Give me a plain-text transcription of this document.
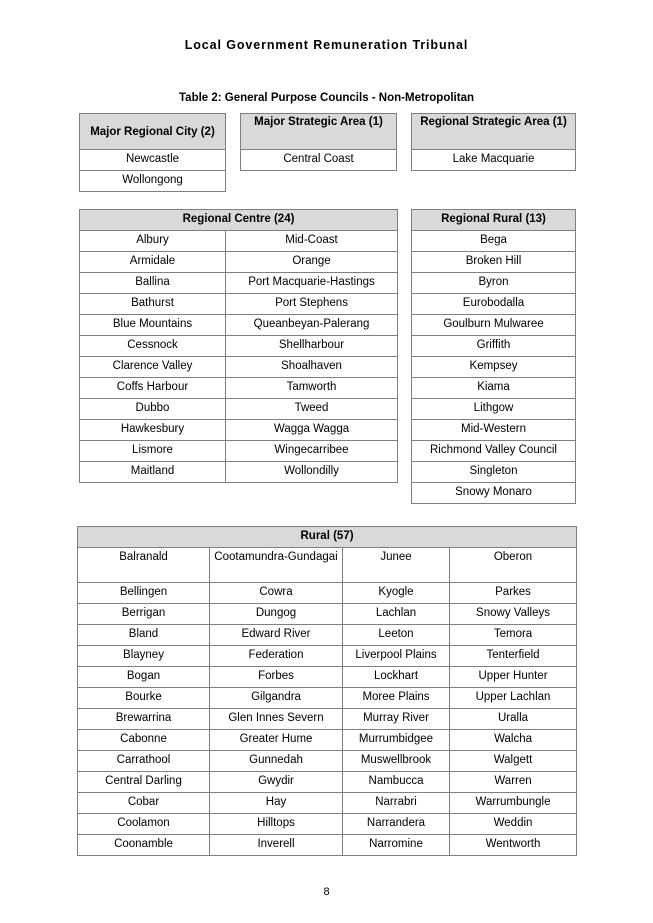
Local Government Remuneration Tribunal
Table 2: General Purpose Councils - Non-Metropolitan
Major Regional City (2)
Newcastle
Wollongong
Major Strategic Area (1)
Central Coast
Regional Strategic Area (1)
Lake Macquarie
Regional Centre (24)	
Albury	Mid-Coast
Armidale	Orange
Ballina	Port Macquarie-Hastings
Bathurst	Port Stephens
Blue Mountains	Queanbeyan-Palerang
Cessnock	Shellharbour
Clarence Valley	Shoalhaven
Coffs Harbour	Tamworth
Dubbo	Tweed
Hawkesbury	Wagga Wagga
Lismore	Wingecarribee
Maitland	Wollondilly
Regional Rural (13)
Bega
Broken Hill
Byron
Eurobodalla
Goulburn Mulwaree
Griffith
Kempsey
Kiama
Lithgow
Mid-Western
Richmond Valley Council
Singleton
Snowy Monaro
Rural (57)			
Balranald	Cootamundra-Gundagai	Junee	Oberon
Bellingen	Cowra	Kyogle	Parkes
Berrigan	Dungog	Lachlan	Snowy Valleys
Bland	Edward River	Leeton	Temora
Blayney	Federation	Liverpool Plains	Tenterfield
Bogan	Forbes	Lockhart	Upper Hunter
Bourke	Gilgandra	Moree Plains	Upper Lachlan
Brewarrina	Glen Innes Severn	Murray River	Uralla
Cabonne	Greater Hume	Murrumbidgee	Walcha
Carrathool	Gunnedah	Muswellbrook	Walgett
Central Darling	Gwydir	Nambucca	Warren
Cobar	Hay	Narrabri	Warrumbungle
Coolamon	Hilltops	Narrandera	Weddin
Coonamble	Inverell	Narromine	Wentworth
8
